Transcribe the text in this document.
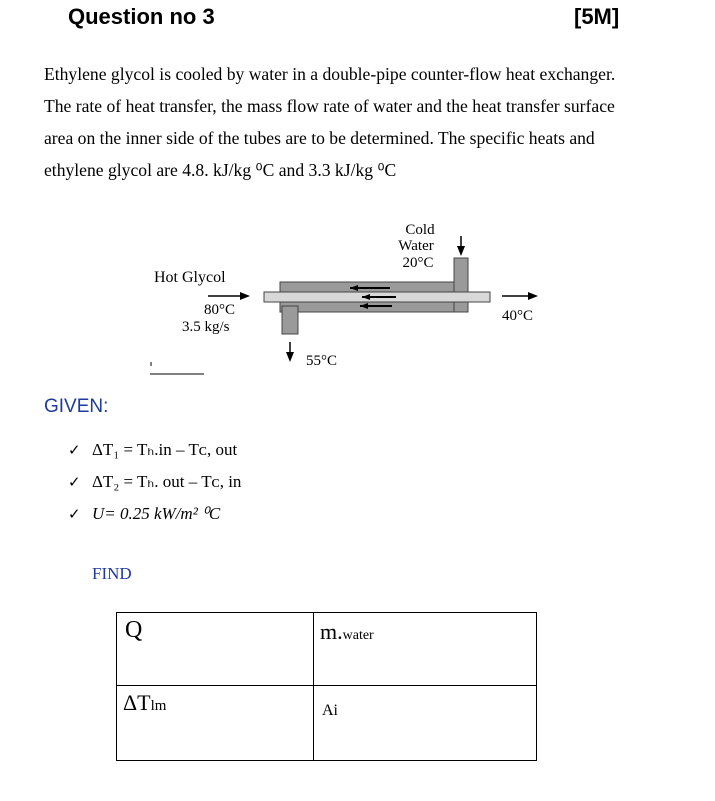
Question no 3	[5M]
Ethylene glycol is cooled by water in a double-pipe counter-flow heat exchanger.
The rate of heat transfer, the mass flow rate of water and the heat transfer surface
area on the inner side of the tubes are to be determined. The specific heats and
ethylene glycol are 4.8. kJ/kg ⁰C and 3.3 kJ/kg ⁰C
Cold
Water
20°C
Hot Glycol
80°C
3.5 kg/s
40°C
55°C
GIVEN:
✓ ΔT₁ = Tₕ.in – Tᴄ, out
✓ ΔT₂ = Tₕ. out – Tᴄ, in
✓ U= 0.25 kW/m² ⁰C
FIND
Q	m.water

ΔTlm	Ai
